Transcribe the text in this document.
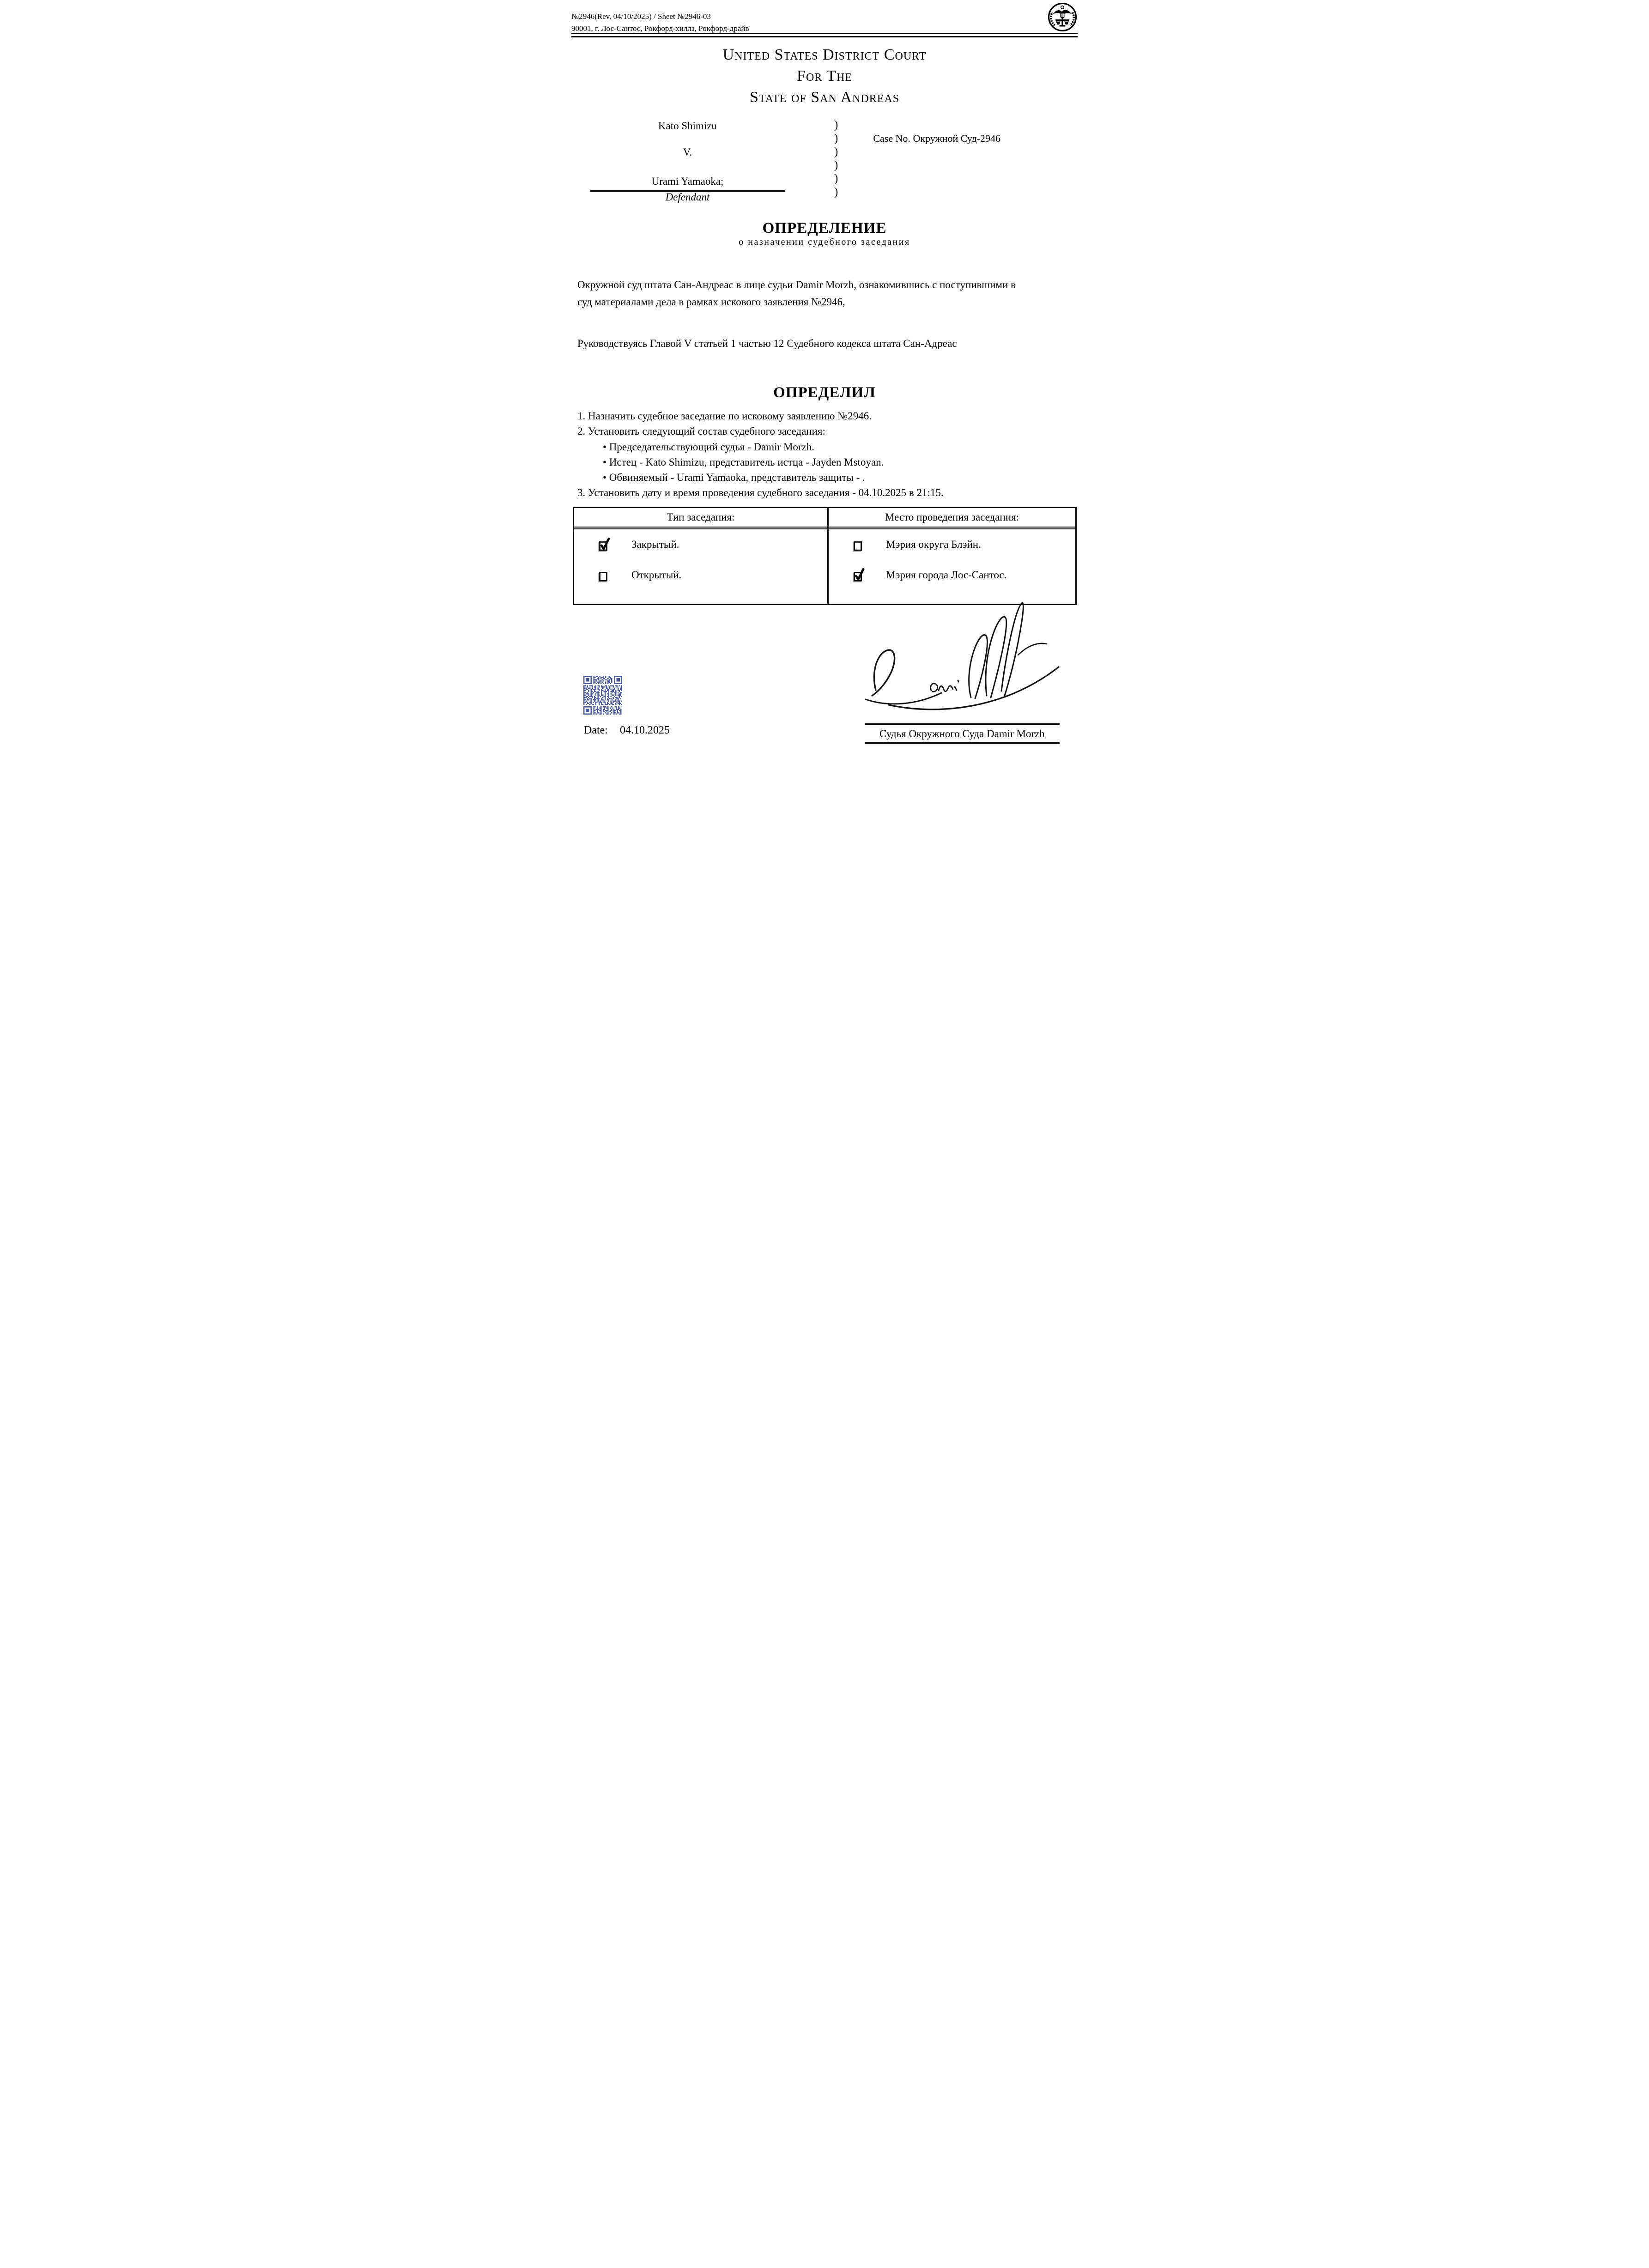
№2946(Rev. 04/10/2025) / Sheet №2946-03
90001, г. Лос-Сантос, Рокфорд-хиллз, Рокфорд-драйв
United States District Court
For The
State of San Andreas
Kato Shimizu
V.
Urami Yamaoka;
Defendant
)
)
)
)
)
)
Case No. Окружной Суд-2946
ОПРЕДЕЛЕНИЕ
о назначении судебного заседания
Окружной суд штата Сан-Андреас в лице судьи Damir Morzh, ознакомившись с поступившими в суд материалами дела в рамках искового заявления №2946,
Руководствуясь Главой V статьей 1 частью 12 Судебного кодекса штата Сан-Адреас
ОПРЕДЕЛИЛ
1. Назначить судебное заседание по исковому заявлению №2946.
2. Установить следующий состав судебного заседания:
• Председательствующий судья - Damir Morzh.
• Истец - Kato Shimizu, представитель истца - Jayden Mstoyan.
• Обвиняемый - Urami Yamaoka, представитель защиты - .
3. Установить дату и время проведения судебного заседания - 04.10.2025 в 21:15.
Тип заседания:
Закрытый.
Открытый.
Место проведения заседания:
Мэрия округа Блэйн.
Мэрия города Лос-Сантос.
Date: 04.10.2025	Судья Окружного Суда Damir Morzh
